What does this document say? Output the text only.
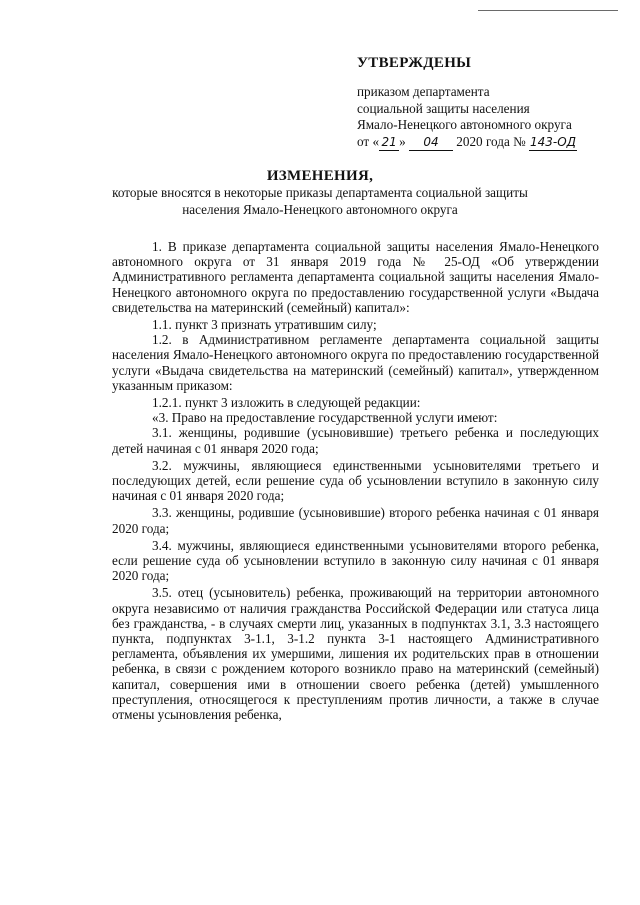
УТВЕРЖДЕНЫ
приказом департамента
социальной защиты населения
Ямало-Ненецкого автономного округа
от « 21 » 04 2020 года № 143-ОД
ИЗМЕНЕНИЯ,
которые вносятся в некоторые приказы департамента социальной защиты населения Ямало-Ненецкого автономного округа

1. В приказе департамента социальной защиты населения Ямало-Ненецкого автономного округа от 31 января 2019 года № 25-ОД «Об утверждении Административного регламента департамента социальной защиты населения Ямало-Ненецкого автономного округа по предоставлению государственной услуги «Выдача свидетельства на материнский (семейный) капитал»:

1.1. пункт 3 признать утратившим силу;

1.2. в Административном регламенте департамента социальной защиты населения Ямало-Ненецкого автономного округа по предоставлению государственной услуги «Выдача свидетельства на материнский (семейный) капитал», утвержденном указанным приказом:

1.2.1. пункт 3 изложить в следующей редакции:

«3. Право на предоставление государственной услуги имеют:

3.1. женщины, родившие (усыновившие) третьего ребенка и последующих детей начиная с 01 января 2020 года;

3.2. мужчины, являющиеся единственными усыновителями третьего и последующих детей, если решение суда об усыновлении вступило в законную силу начиная с 01 января 2020 года;

3.3. женщины, родившие (усыновившие) второго ребенка начиная с 01 января 2020 года;

3.4. мужчины, являющиеся единственными усыновителями второго ребенка, если решение суда об усыновлении вступило в законную силу начиная с 01 января 2020 года;

3.5. отец (усыновитель) ребенка, проживающий на территории автономного округа независимо от наличия гражданства Российской Федерации или статуса лица без гражданства, - в случаях смерти лиц, указанных в подпунктах 3.1, 3.3 настоящего пункта, подпунктах 3-1.1, 3-1.2 пункта 3-1 настоящего Административного регламента, объявления их умершими, лишения их родительских прав в отношении ребенка, в связи с рождением которого возникло право на материнский (семейный) капитал, совершения ими в отношении своего ребенка (детей) умышленного преступления, относящегося к преступлениям против личности, а также в случае отмены усыновления ребенка,
